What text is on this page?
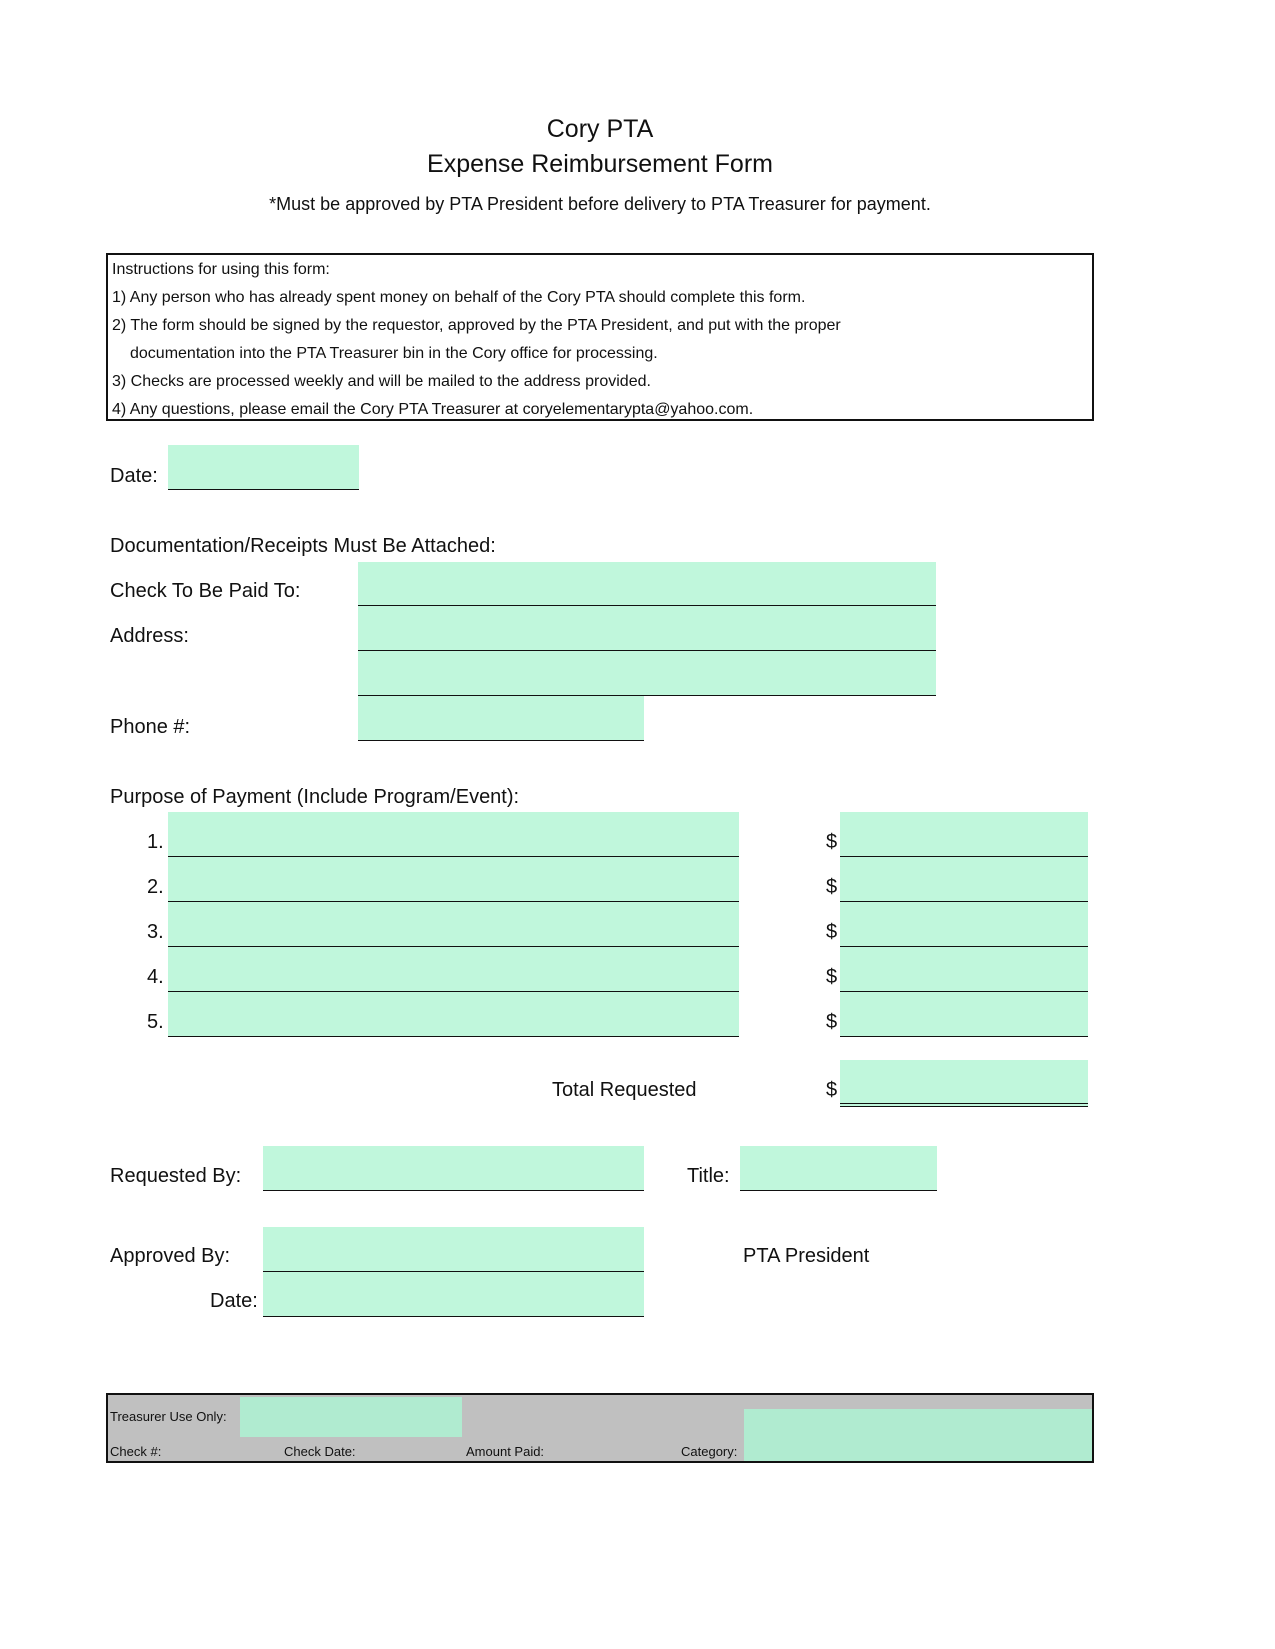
Cory PTA
Expense Reimbursement Form
*Must be approved by PTA President before delivery to PTA Treasurer for payment.
Instructions for using this form:
1) Any person who has already spent money on behalf of the Cory PTA should complete this form.
2) The form should be signed by the requestor, approved by the PTA President, and put with the proper
documentation into the PTA Treasurer bin in the Cory office for processing.
3) Checks are processed weekly and will be mailed to the address provided.
4) Any questions, please email the Cory PTA Treasurer at coryelementarypta@yahoo.com.
Date:
Documentation/Receipts Must Be Attached:
Check To Be Paid To:
Address:
Phone #:
Purpose of Payment (Include Program/Event):
1.	$
2.	$
3.	$
4.	$
5.	$
Total Requested	$
Requested By:	Title:
Approved By:	PTA President
Date:
Treasurer Use Only:
Check #:	Check Date:	Amount Paid:	Category:
